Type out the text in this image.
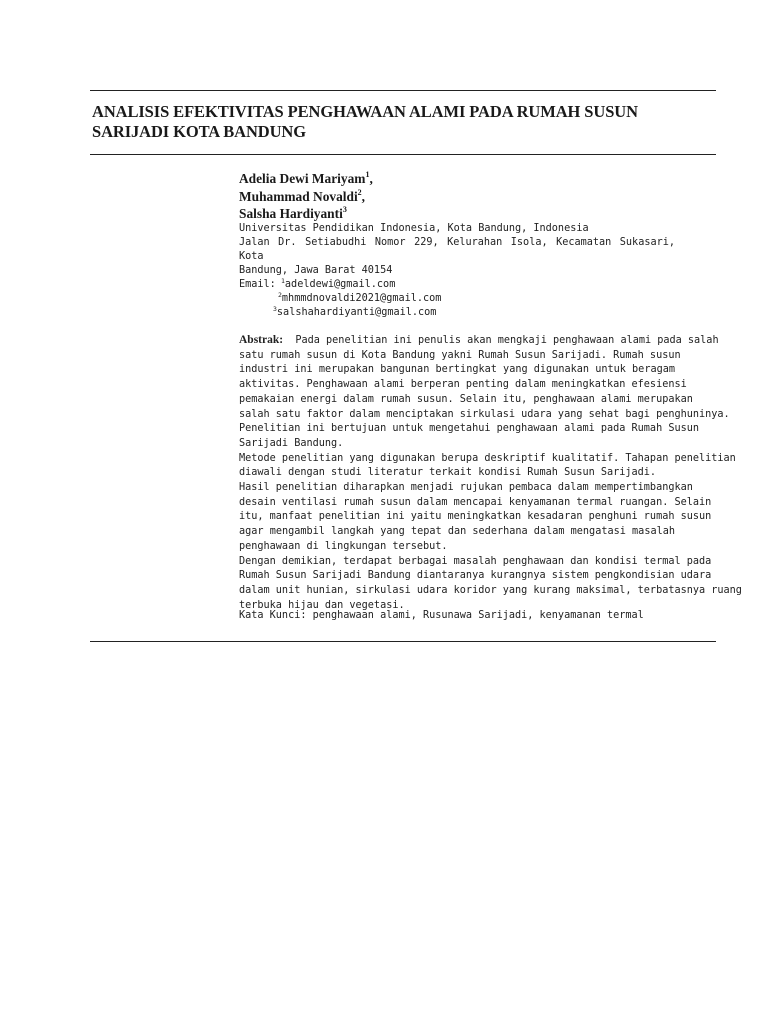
ANALISIS EFEKTIVITAS PENGHAWAAN ALAMI PADA RUMAH SUSUN
SARIJADI KOTA BANDUNG
Adelia Dewi Mariyam$^1$,
Muhammad Novaldi$^2$,
Salsha Hardiyanti$^3$
Universitas Pendidikan Indonesia, Kota Bandung, Indonesia
Jalan Dr. Setiabudhi Nomor 229, Kelurahan Isola, Kecamatan Sukasari, Kota
Bandung, Jawa Barat 40154
Email: $^1$adeldewi@gmail.com
$^2$mhmmdnovaldi2021@gmail.com
$^3$salshahardiyanti@gmail.com

Abstrak: Pada penelitian ini penulis akan mengkaji penghawaan alami pada salah
satu rumah susun di Kota Bandung yakni Rumah Susun Sarijadi. Rumah susun
industri ini merupakan bangunan bertingkat yang digunakan untuk beragam
aktivitas. Penghawaan alami berperan penting dalam meningkatkan efesiensi
pemakaian energi dalam rumah susun. Selain itu, penghawaan alami merupakan
salah satu faktor dalam menciptakan sirkulasi udara yang sehat bagi penghuninya.
Penelitian ini bertujuan untuk mengetahui penghawaan alami pada Rumah Susun
Sarijadi Bandung.

Metode penelitian yang digunakan berupa deskriptif kualitatif. Tahapan penelitian
diawali dengan studi literatur terkait kondisi Rumah Susun Sarijadi.

Hasil penelitian diharapkan menjadi rujukan pembaca dalam mempertimbangkan
desain ventilasi rumah susun dalam mencapai kenyamanan termal ruangan. Selain
itu, manfaat penelitian ini yaitu meningkatkan kesadaran penghuni rumah susun
agar mengambil langkah yang tepat dan sederhana dalam mengatasi masalah
penghawaan di lingkungan tersebut.

Dengan demikian, terdapat berbagai masalah penghawaan dan kondisi termal pada
Rumah Susun Sarijadi Bandung diantaranya kurangnya sistem pengkondisian udara
dalam unit hunian, sirkulasi udara koridor yang kurang maksimal, terbatasnya ruang
terbuka hijau dan vegetasi.

Kata Kunci: penghawaan alami, Rusunawa Sarijadi, kenyamanan termal
